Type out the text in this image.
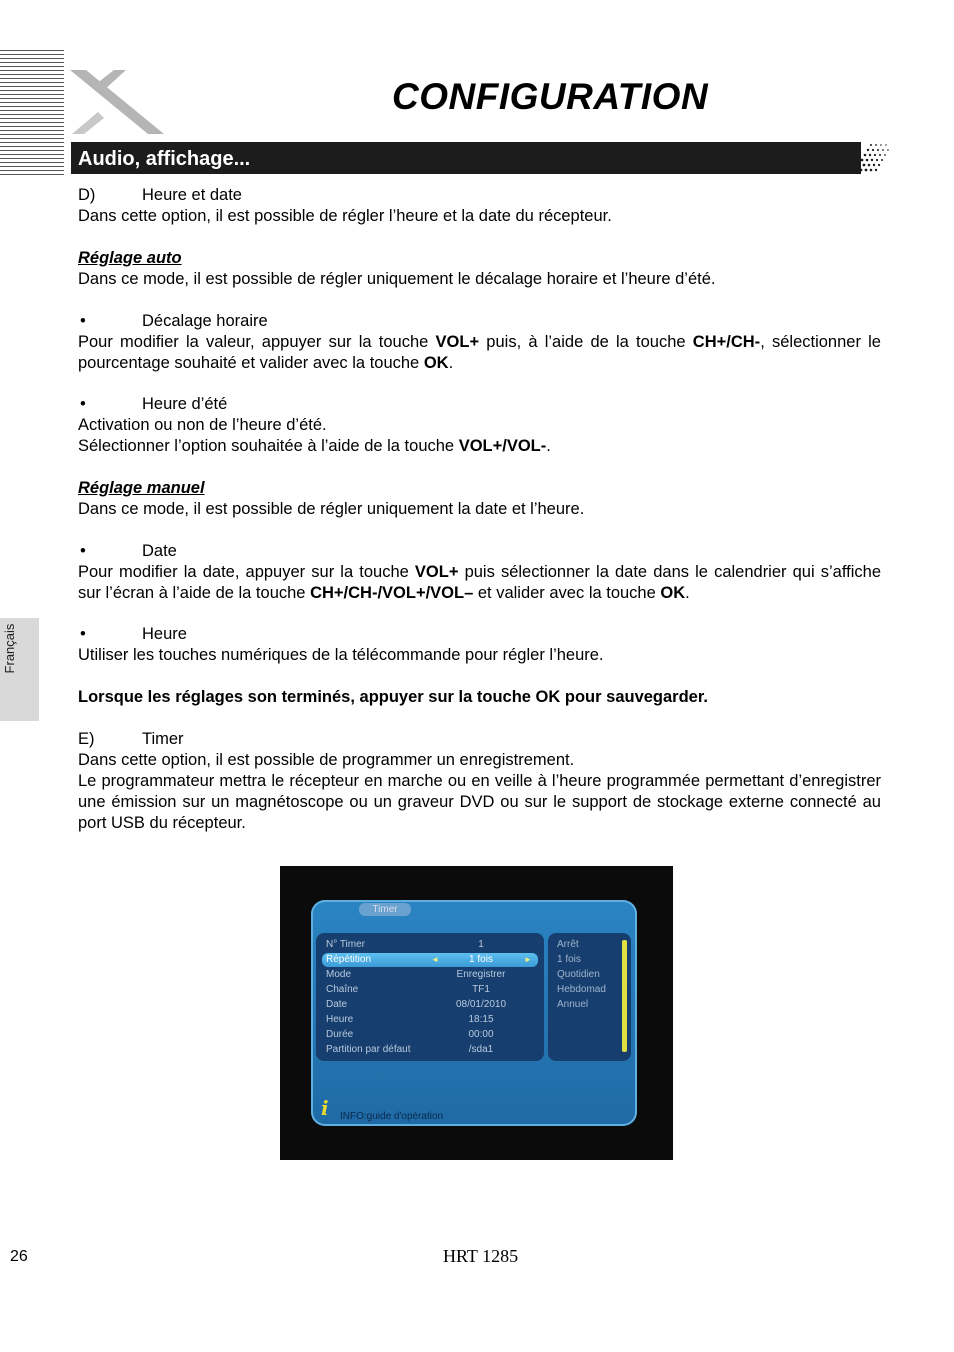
CONFIGURATION
Audio, affichage...
Français

D)	Heure et date

Dans cette option, il est possible de régler l’heure et la date du récepteur.
Réglage auto
Dans ce mode, il est possible de régler uniquement le décalage horaire et l’heure d’été.
•	Décalage horaire
Pour modifier la valeur, appuyer sur la touche VOL+ puis, à l’aide de la touche CH+/CH-, sélectionner le pourcentage souhaité et valider avec la touche OK.
•	Heure d’été
Activation ou non de l’heure d’été.
Sélectionner l’option souhaitée à l’aide de la touche VOL+/VOL-.
Réglage manuel
Dans ce mode, il est possible de régler uniquement la date et l’heure.
•	Date
Pour modifier la date, appuyer sur la touche VOL+ puis sélectionner la date dans le calendrier qui s’affiche sur l’écran à l’aide de la touche CH+/CH-/VOL+/VOL– et valider avec la touche OK.
•	Heure
Utiliser les touches numériques de la télécommande pour régler l’heure.
Lorsque les réglages son terminés, appuyer sur la touche OK pour sauvegarder.
E)	Timer
Dans cette option, il est possible de programmer un enregistrement.
Le programmateur mettra le récepteur en marche ou en veille à l’heure programmée permettant d’enregistrer une émission sur un magnétoscope ou un graveur DVD ou sur le support de stockage externe connecté au port USB du récepteur.
Timer
N° Timer	1
Répétition	◄	1 fois	►
Mode	Enregistrer
Chaîne	TF1
Date	08/01/2010
Heure	18:15
Durée	00:00
Partition par défaut	/sda1
Arrêt
1 fois
Quotidien
Hebdomad
Annuel
i INFO:guide d'opération
26	HRT 1285
